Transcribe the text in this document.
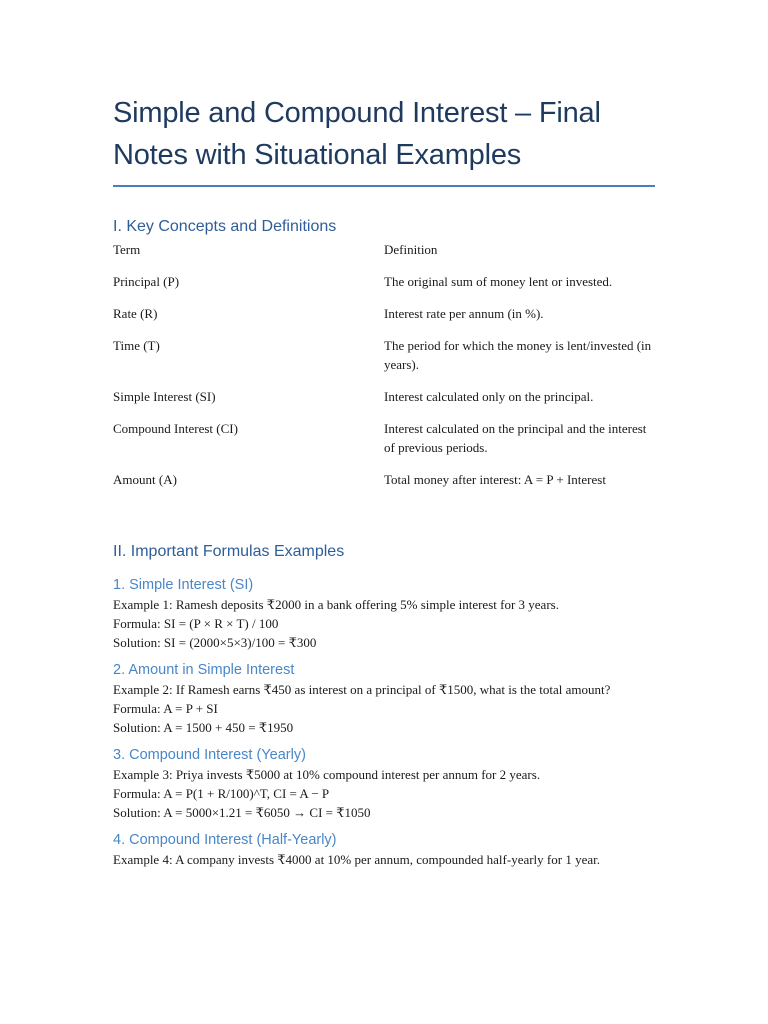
Simple and Compound Interest – Final Notes with Situational Examples
I. Key Concepts and Definitions
Term	Definition
Principal (P)	The original sum of money lent or invested.
Rate (R)	Interest rate per annum (in %).
Time (T)	The period for which the money is lent/invested (in years).
Simple Interest (SI)	Interest calculated only on the principal.
Compound Interest (CI)	Interest calculated on the principal and the interest of previous periods.
Amount (A)	Total money after interest: A = P + Interest
II. Important Formulas Examples
1. Simple Interest (SI)

Example 1: Ramesh deposits ₹2000 in a bank offering 5% simple interest for 3 years.

Formula: SI = (P × R × T) / 100

Solution: SI = (2000×5×3)/100 = ₹300

2. Amount in Simple Interest

Example 2: If Ramesh earns ₹450 as interest on a principal of ₹1500, what is the total amount?

Formula: A = P + SI

Solution: A = 1500 + 450 = ₹1950

3. Compound Interest (Yearly)

Example 3: Priya invests ₹5000 at 10% compound interest per annum for 2 years.

Formula: A = P(1 + R/100)^T, CI = A − P

Solution: A = 5000×1.21 = ₹6050 → CI = ₹1050

4. Compound Interest (Half-Yearly)

Example 4: A company invests ₹4000 at 10% per annum, compounded half-yearly for 1 year.
